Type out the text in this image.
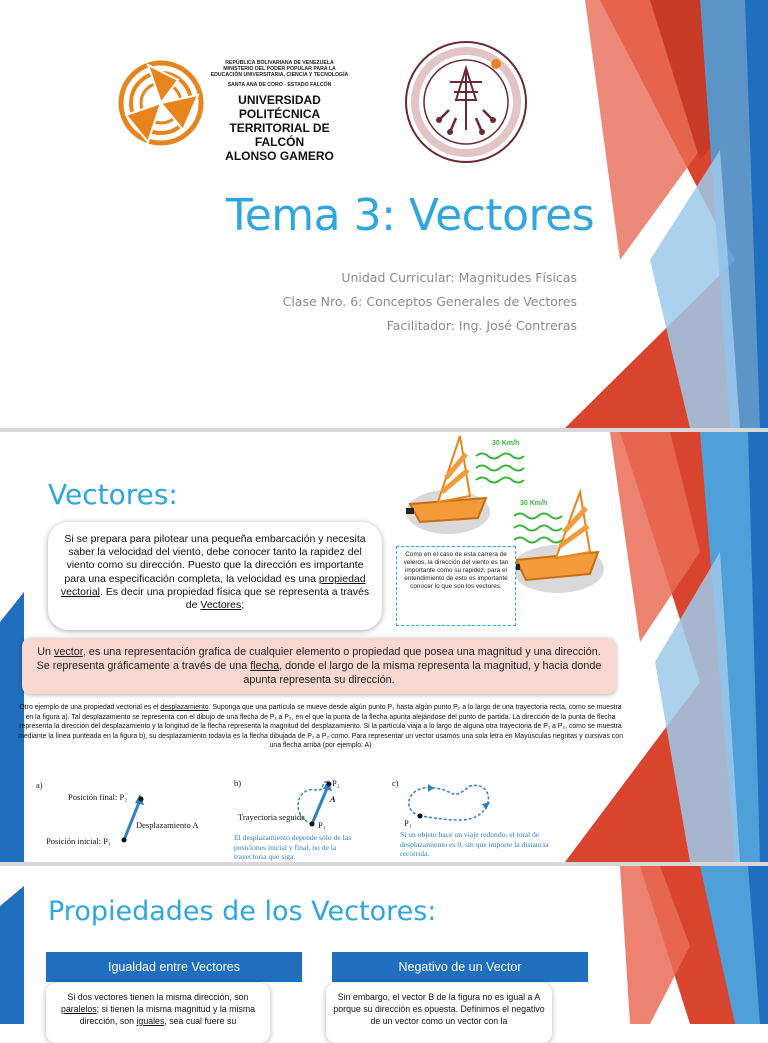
REPÚBLICA BOLIVARIANA DE VENEZUELA
MINISTERIO DEL PODER POPULAR PARA LA
EDUCACIÓN UNIVERSITARIA, CIENCIA Y TECNOLOGÍA
SANTA ANA DE CORO - ESTADO FALCÓN
UNIVERSIDAD POLITÉCNICA
TERRITORIAL DE FALCÓN
ALONSO GAMERO
Tema 3: Vectores
Unidad Curricular: Magnitudes Físicas
Clase Nro. 6: Conceptos Generales de Vectores
Facilitador: Ing. José Contreras
Vectores:
30 Km/h
30 Km/h

Si se prepara para pilotear una pequeña embarcación y necesita saber la velocidad del viento, debe conocer tanto la rapidez del viento como su dirección. Puesto que la dirección es importante para una especificación completa, la velocidad es una propiedad vectorial. Es decir una propiedad física que se representa a través de Vectores;

Como en el caso de esta carrera de veleros, la dirección del viento es tan importante como su rapidez, para el entendimiento de esto es importante conocer lo que son los vectores.

Un vector, es una representación grafica de cualquier elemento o propiedad que posea una magnitud y una dirección. Se representa gráficamente a través de una flecha, donde el largo de la misma representa la magnitud, y hacia donde apunta representa su dirección.

Otro ejemplo de una propiedad vectorial es el desplazamiento. Suponga que una partícula se mueve desde algún punto P₁ hasta algún punto P₂ a lo largo de una trayectoria recta, como se muestra en la figura a). Tal desplazamiento se representa con el dibujo de una flecha de P₁ a P₂, en el que la punta de la flecha apunta alejándose del punto de partida. La dirección de la punta de flecha representa la dirección del desplazamiento y la longitud de la flecha representa la magnitud del desplazamiento. Si la partícula viaja a lo largo de alguna otra trayectoria de P₁ a P₂, como se muestra mediante la línea punteada en la figura b), su desplazamiento todavía es la flecha dibujada de P₁ a P₂ como. Para representar un vector usamos una sola letra en Mayúsculas negritas y cursivas con una flecha arriba (por ejemplo: A)
a)
Posición final: P₂
Posición inicial: P₁
Desplazamiento A
b)
Trayectoria seguida
P₂
P₁
A
El desplazamiento depende sólo de las posiciones inicial y final, no de la trayectoria que siga.
c)
P₁
Si un objeto hace un viaje redondo, el total de desplazamiento es 0, sin que importe la distancia recorrida.
Propiedades de los Vectores:
Igualdad entre Vectores	Negativo de un Vector

Si dos vectores tienen la misma dirección, son paralelos; si tienen la misma magnitud y la misma dirección, son iguales, sea cual fuere su

Sin embargo, el vector B de la figura no es igual a A porque su dirección es opuesta. Definimos el negativo de un vector como un vector con la
